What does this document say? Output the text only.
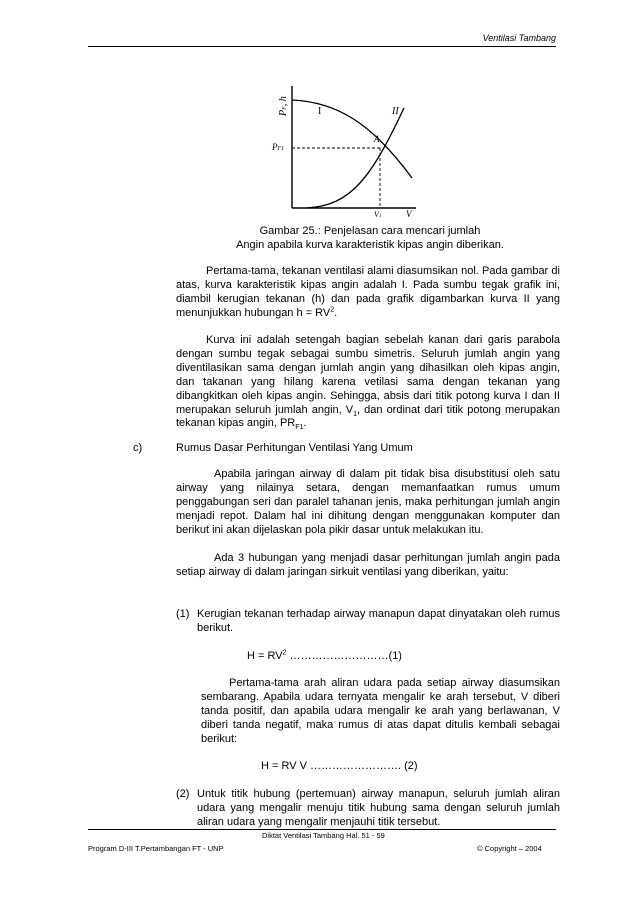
Ventilasi Tambang
PF, h
I	II
A
PF1
V1	V
Gambar 25.: Penjelasan cara mencari jumlah
Angin apabila kurva karakteristik kipas angin diberikan.
Pertama-tama, tekanan ventilasi alami diasumsikan nol. Pada gambar di atas, kurva karakteristik kipas angin adalah I. Pada sumbu tegak grafik ini, diambil kerugian tekanan (h) dan pada grafik digambarkan kurva II yang menunjukkan hubungan $h = RV^2$.
Kurva ini adalah setengah bagian sebelah kanan dari garis parabola dengan sumbu tegak sebagai sumbu simetris. Seluruh jumlah angin yang diventilasikan sama dengan jumlah angin yang dihasilkan oleh kipas angin, dan takanan yang hilang karena vetilasi sama dengan tekanan yang dibangkitkan oleh kipas angin. Sehingga, absis dari titik potong kurva I dan II merupakan seluruh jumlah angin, $V_1$, dan ordinat dari titik potong merupakan tekanan kipas angin, $PR_{F1}$.
c)	Rumus Dasar Perhitungan Ventilasi Yang Umum
Apabila jaringan airway di dalam pit tidak bisa disubstitusi oleh satu airway yang nilainya setara, dengan memanfaatkan rumus umum penggabungan seri dan paralel tahanan jenis, maka perhitungan jumlah angin menjadi repot. Dalam hal ini dihitung dengan menggunakan komputer dan berikut ini akan dijelaskan pola pikir dasar untuk melakukan itu.
Ada 3 hubungan yang menjadi dasar perhitungan jumlah angin pada setiap airway di dalam jaringan sirkuit ventilasi yang diberikan, yaitu:
(1) Kerugian tekanan terhadap airway manapun dapat dinyatakan oleh rumus berikut.
$H = RV^2$ ………………………(1)
Pertama-tama arah aliran udara pada setiap airway diasumsikan sembarang. Apabila udara ternyata mengalir ke arah tersebut, V diberi tanda positif, dan apabila udara mengalir ke arah yang berlawanan, V diberi tanda negatif, maka rumus di atas dapat ditulis kembali sebagai berikut:
H = RV V ……………………. (2)
(2) Untuk titik hubung (pertemuan) airway manapun, seluruh jumlah aliran udara yang mengalir menuju titik hubung sama dengan seluruh jumlah aliran udara yang mengalir menjauhi titik tersebut.
Diktat Ventilasi Tambang Hal. 51 - 59
Program D-III T.Pertambangan FT - UNP	© Copyright – 2004
